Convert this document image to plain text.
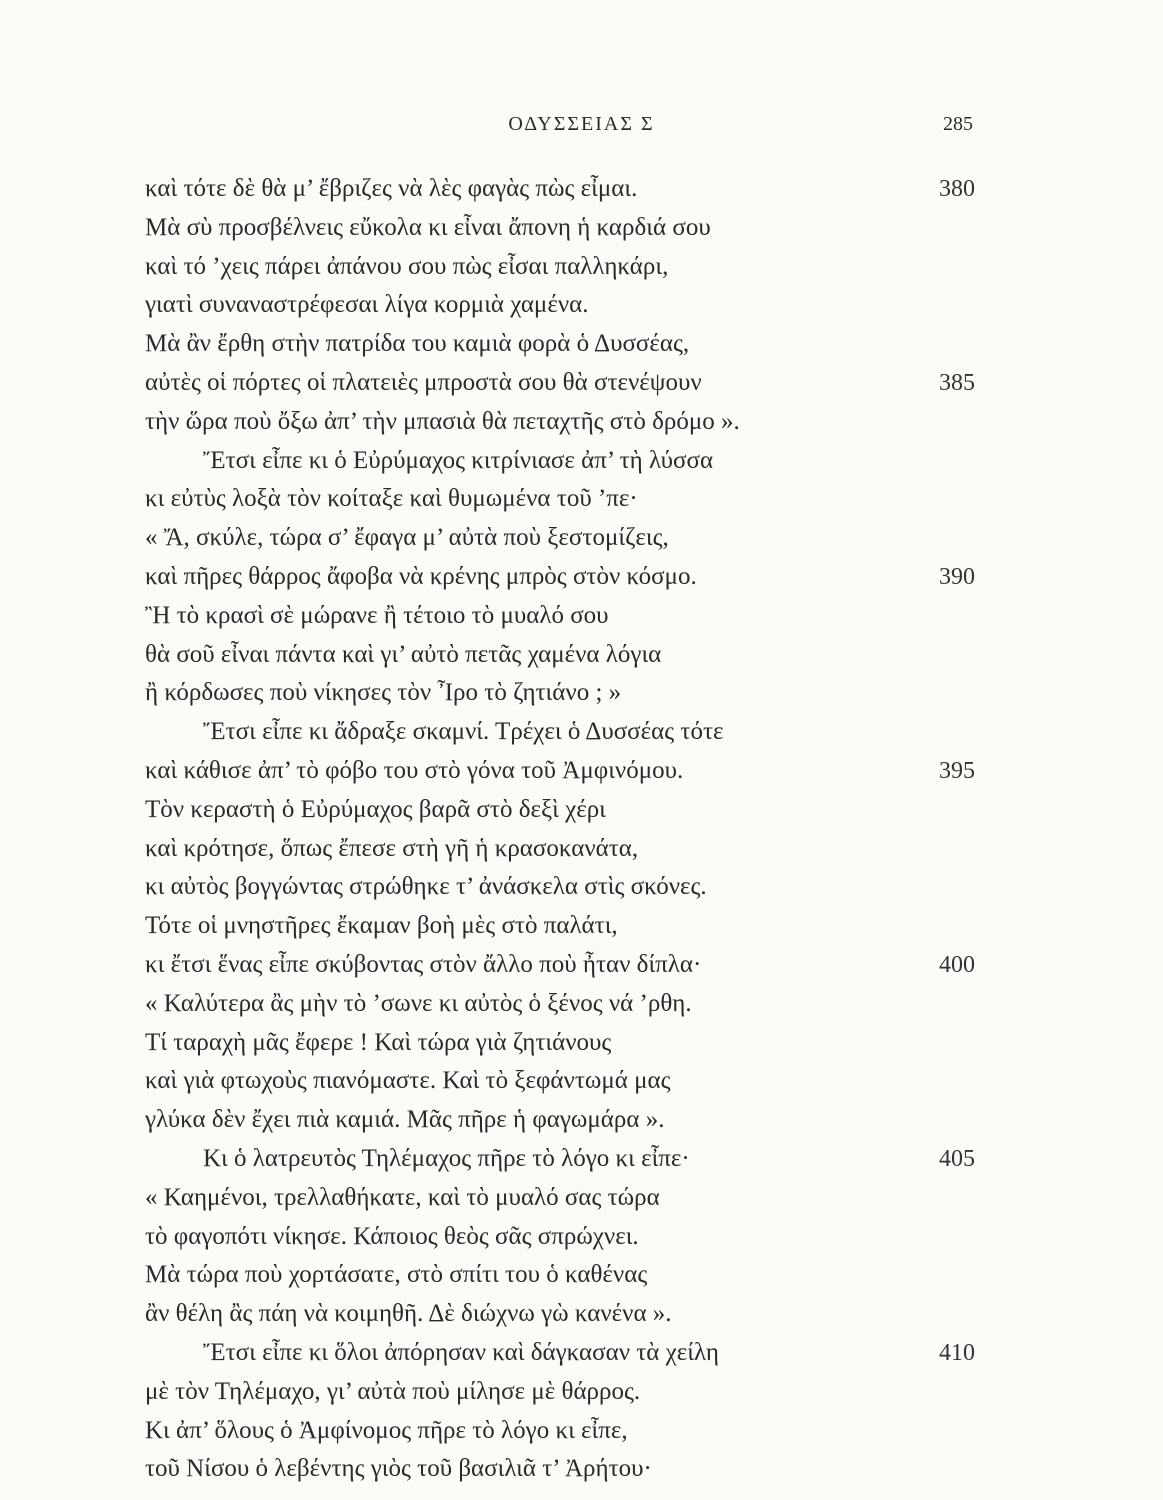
ΟΔΥΣΣΕΙΑΣ Σ	285
καὶ τότε δὲ θὰ μ’ ἔβριζες νὰ λὲς φαγὰς πὼς εἶμαι.	380
Μὰ σὺ προσβέλνεις εὔκολα κι εἶναι ἄπονη ἡ καρδιά σου
καὶ τό ’χεις πάρει ἀπάνου σου πὼς εἶσαι παλληκάρι,
γιατὶ συναναστρέφεσαι λίγα κορμιὰ χαμένα.
Μὰ ἂν ἔρθη στὴν πατρίδα του καμιὰ φορὰ ὁ Δυσσέας,
αὐτὲς οἱ πόρτες οἱ πλατειὲς μπροστὰ σου θὰ στενέψουν	385
τὴν ὥρα ποὺ ὄξω ἀπ’ τὴν μπασιὰ θὰ πεταχτῆς στὸ δρόμο ».
Ἔτσι εἶπε κι ὁ Εὐρύμαχος κιτρίνιασε ἀπ’ τὴ λύσσα
κι εὐτὺς λοξὰ τὸν κοίταξε καὶ θυμωμένα τοῦ ’πε·
« Ἄ, σκύλε, τώρα σ’ ἔφαγα μ’ αὐτὰ ποὺ ξεστομίζεις,
καὶ πῆρες θάρρος ἄφοβα νὰ κρένης μπρὸς στὸν κόσμο.	390
Ἢ τὸ κρασὶ σὲ μώρανε ἢ τέτοιο τὸ μυαλό σου
θὰ σοῦ εἶναι πάντα καὶ γι’ αὐτὸ πετᾶς χαμένα λόγια
ἢ κόρδωσες ποὺ νίκησες τὸν Ἶρο τὸ ζητιάνο ; »
Ἔτσι εἶπε κι ἄδραξε σκαμνί. Τρέχει ὁ Δυσσέας τότε
καὶ κάθισε ἀπ’ τὸ φόβο του στὸ γόνα τοῦ Ἀμφινόμου.	395
Τὸν κεραστὴ ὁ Εὐρύμαχος βαρᾶ στὸ δεξὶ χέρι
καὶ κρότησε, ὅπως ἔπεσε στὴ γῆ ἡ κρασοκανάτα,
κι αὐτὸς βογγώντας στρώθηκε τ’ ἀνάσκελα στὶς σκόνες.
Τότε οἱ μνηστῆρες ἔκαμαν βοὴ μὲς στὸ παλάτι,
κι ἔτσι ἕνας εἶπε σκύβοντας στὸν ἄλλο ποὺ ἦταν δίπλα·	400
« Καλύτερα ἂς μὴν τὸ ’σωνε κι αὐτὸς ὁ ξένος νά ’ρθη.
Τί ταραχὴ μᾶς ἔφερε ! Καὶ τώρα γιὰ ζητιάνους
καὶ γιὰ φτωχοὺς πιανόμαστε. Καὶ τὸ ξεφάντωμά μας
γλύκα δὲν ἔχει πιὰ καμιά. Μᾶς πῆρε ἡ φαγωμάρα ».
Κι ὁ λατρευτὸς Τηλέμαχος πῆρε τὸ λόγο κι εἶπε·	405
« Καημένοι, τρελλαθήκατε, καὶ τὸ μυαλό σας τώρα
τὸ φαγοπότι νίκησε. Κάποιος θεὸς σᾶς σπρώχνει.
Μὰ τώρα ποὺ χορτάσατε, στὸ σπίτι του ὁ καθένας
ἂν θέλη ἂς πάη νὰ κοιμηθῆ. Δὲ διώχνω γὼ κανένα ».
Ἔτσι εἶπε κι ὅλοι ἀπόρησαν καὶ δάγκασαν τὰ χείλη	410
μὲ τὸν Τηλέμαχο, γι’ αὐτὰ ποὺ μίλησε μὲ θάρρος.
Κι ἀπ’ ὅλους ὁ Ἀμφίνομος πῆρε τὸ λόγο κι εἶπε,
τοῦ Νίσου ὁ λεβέντης γιὸς τοῦ βασιλιᾶ τ’ Ἀρήτου·
